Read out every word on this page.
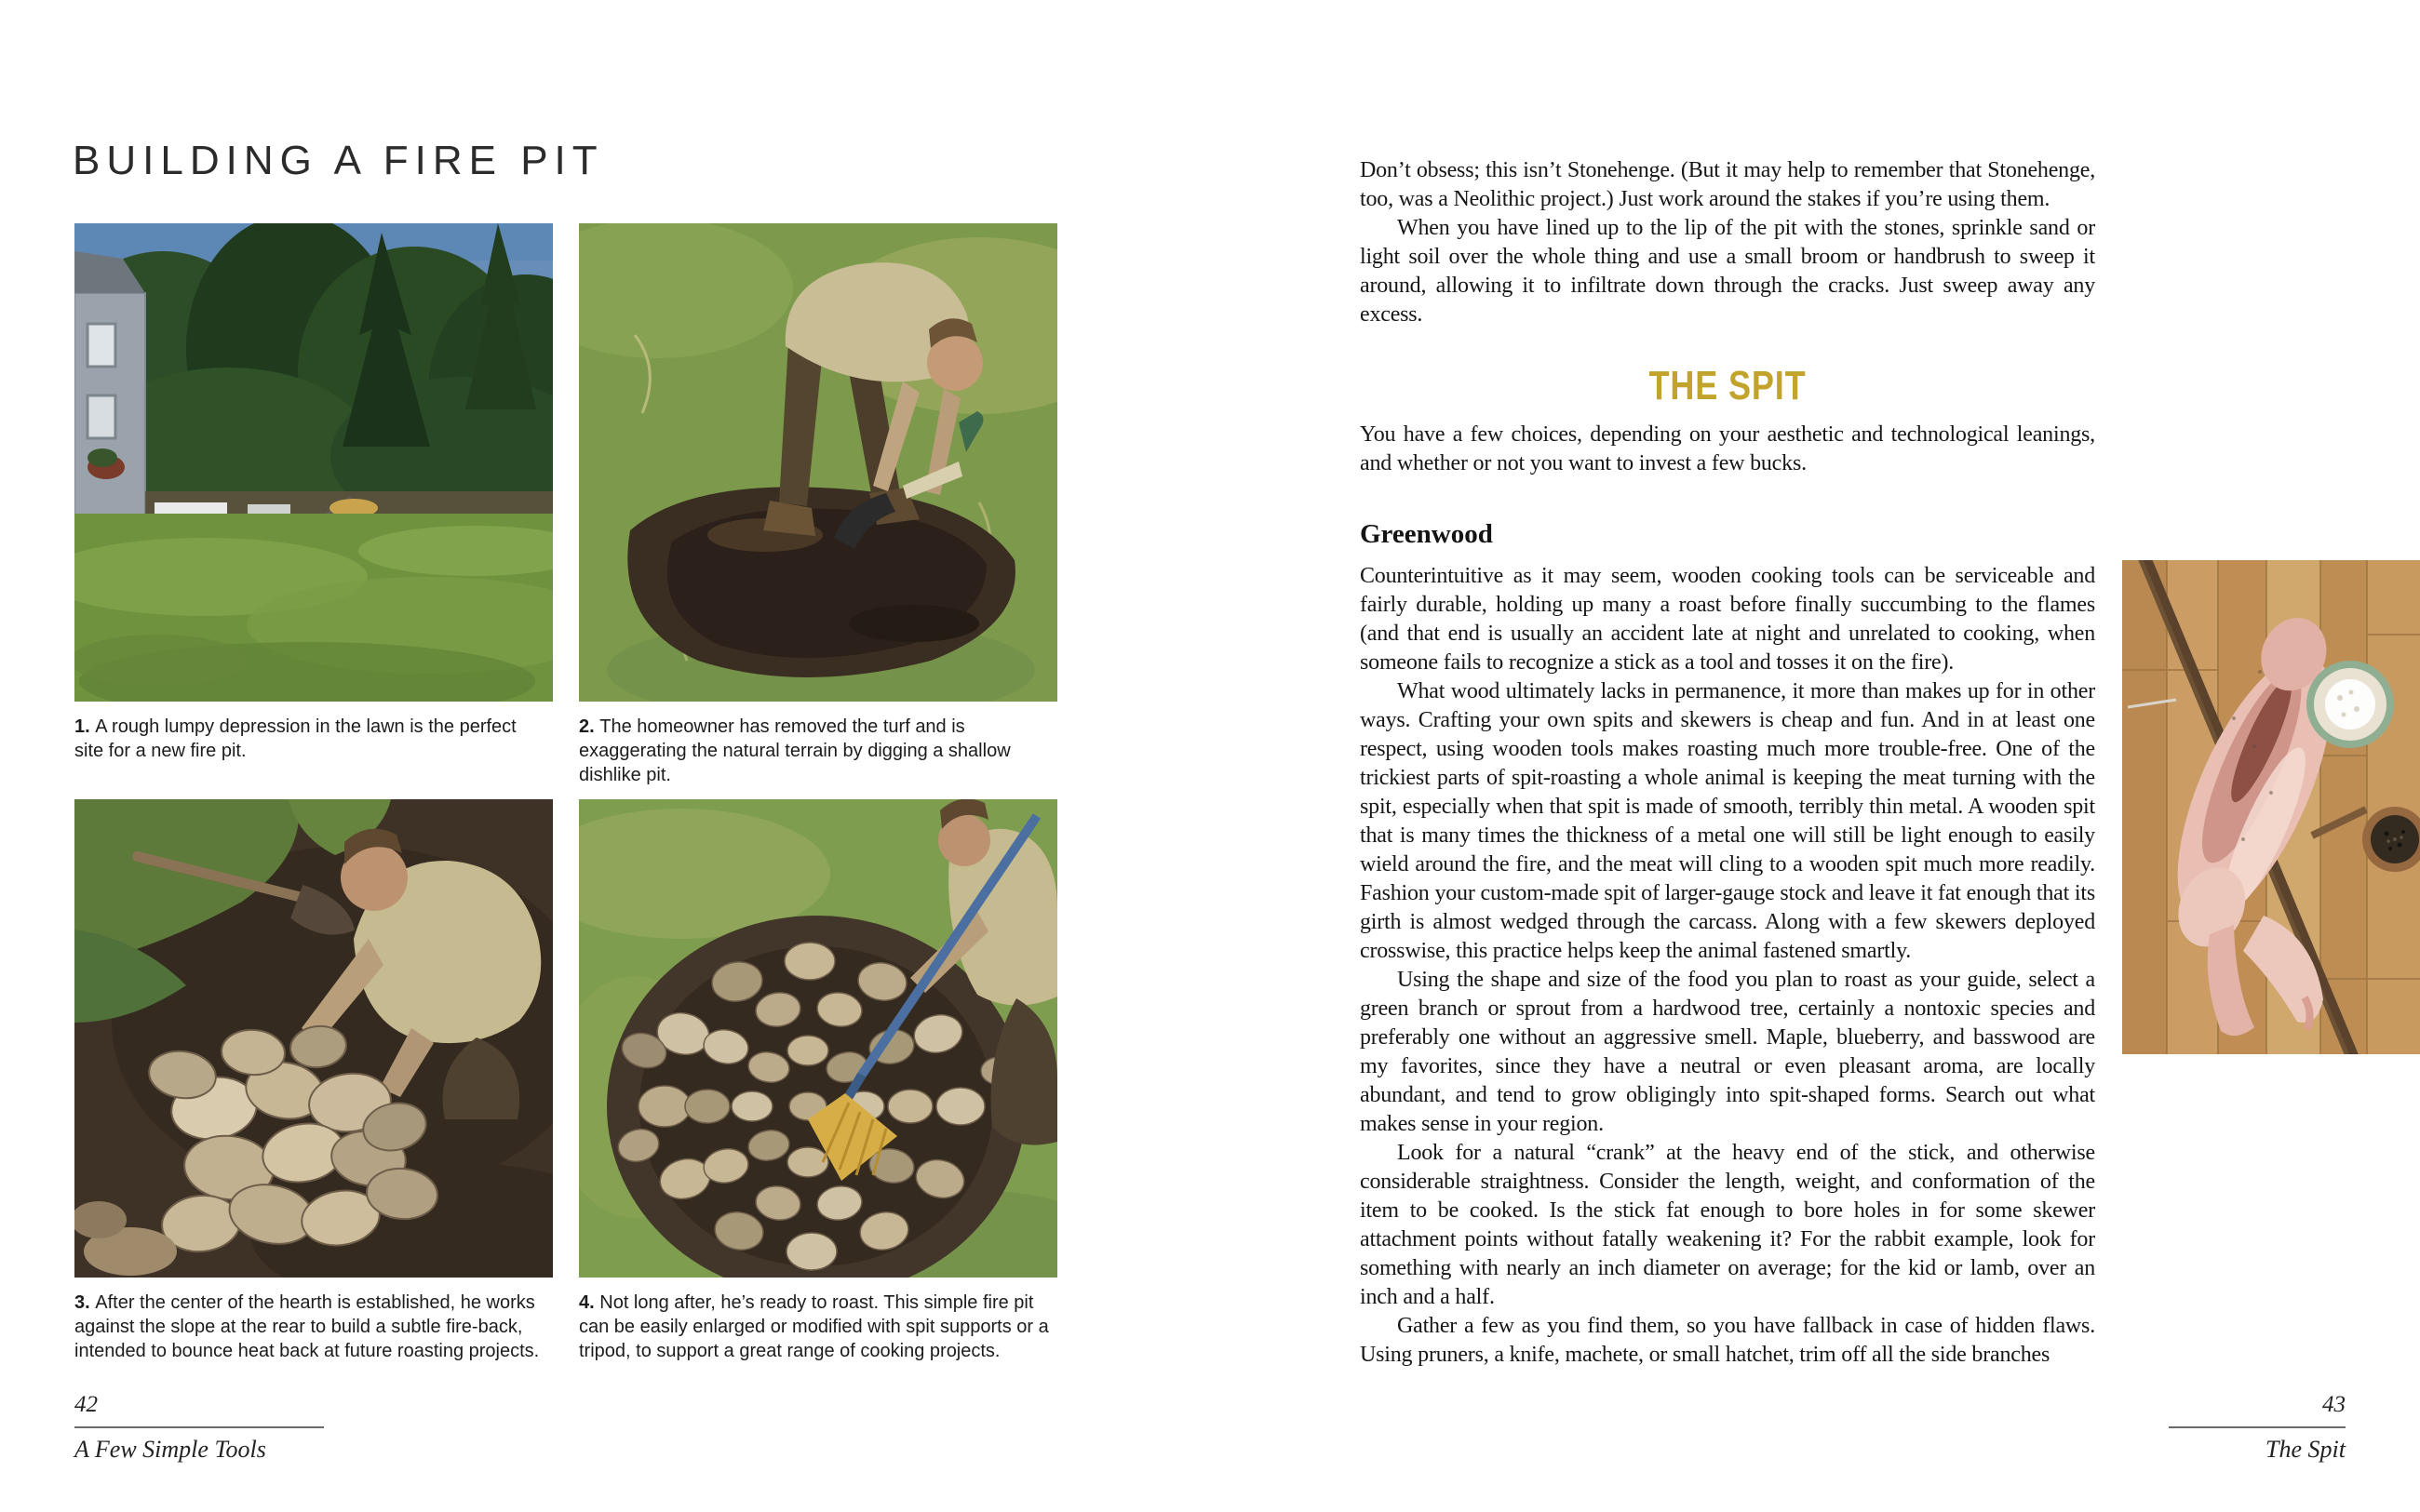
BUILDING A FIRE PIT
1. A rough lumpy depression in the lawn is the perfect site for a new fire pit.
2. The homeowner has removed the turf and is exaggerating the natural terrain by digging a shallow dishlike pit.
3. After the center of the hearth is established, he works against the slope at the rear to build a subtle fire-back, intended to bounce heat back at future roasting projects.
4. Not long after, he’s ready to roast. This simple fire pit can be easily enlarged or modified with spit supports or a tripod, to support a great range of cooking projects.
42
A Few Simple Tools

Don’t obsess; this isn’t Stonehenge. (But it may help to remember that Stonehenge, too, was a Neolithic project.) Just work around the stakes if you’re using them.

When you have lined up to the lip of the pit with the stones, sprinkle sand or light soil over the whole thing and use a small broom or handbrush to sweep it around, allowing it to infiltrate down through the cracks. Just sweep away any excess.

THE SPIT

You have a few choices, depending on your aesthetic and technological leanings, and whether or not you want to invest a few bucks.

Greenwood

Counterintuitive as it may seem, wooden cooking tools can be serviceable and fairly durable, holding up many a roast before finally succumbing to the flames (and that end is usually an accident late at night and unrelated to cooking, when someone fails to recognize a stick as a tool and tosses it on the fire).

What wood ultimately lacks in permanence, it more than makes up for in other ways. Crafting your own spits and skewers is cheap and fun. And in at least one respect, using wooden tools makes roasting much more trouble-free. One of the trickiest parts of spit-roasting a whole animal is keeping the meat turning with the spit, especially when that spit is made of smooth, terribly thin metal. A wooden spit that is many times the thickness of a metal one will still be light enough to easily wield around the fire, and the meat will cling to a wooden spit much more readily. Fashion your custom-made spit of larger-gauge stock and leave it fat enough that its girth is almost wedged through the carcass. Along with a few skewers deployed crosswise, this practice helps keep the animal fastened smartly.

Using the shape and size of the food you plan to roast as your guide, select a green branch or sprout from a hardwood tree, certainly a nontoxic species and preferably one without an aggressive smell. Maple, blueberry, and basswood are my favorites, since they have a neutral or even pleasant aroma, are locally abundant, and tend to grow obligingly into spit-shaped forms. Search out what makes sense in your region.

Look for a natural “crank” at the heavy end of the stick, and otherwise considerable straightness. Consider the length, weight, and conformation of the item to be cooked. Is the stick fat enough to bore holes in for some skewer attachment points without fatally weakening it? For the rabbit example, look for something with nearly an inch diameter on average; for the kid or lamb, over an inch and a half.

Gather a few as you find them, so you have fallback in case of hidden flaws. Using pruners, a knife, machete, or small hatchet, trim off all the side branches

43
The Spit
